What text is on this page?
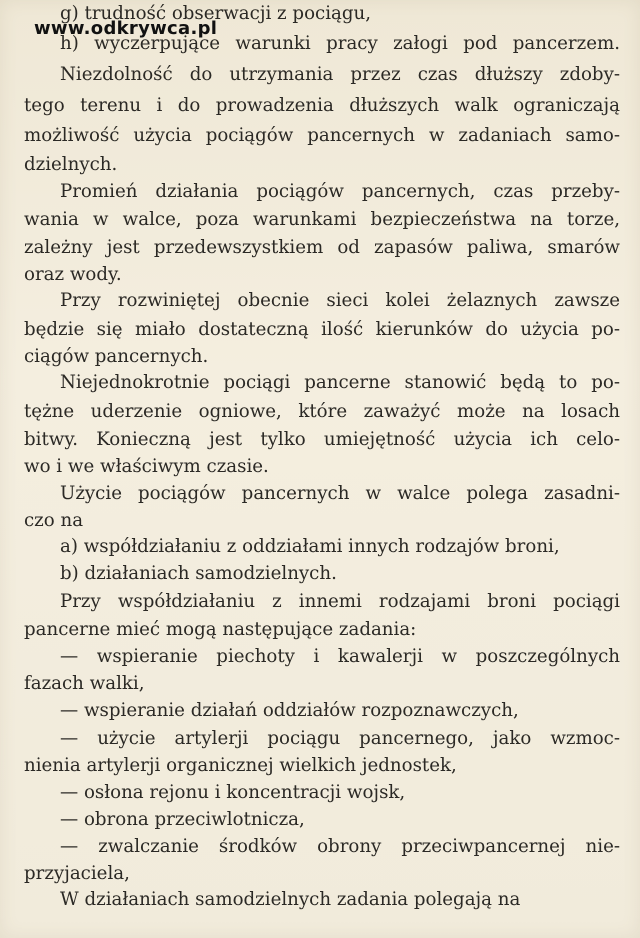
www.odkrywca.pl
g) trudność obserwacji z pociągu,
h) wyczerpujące warunki pracy załogi pod pancerzem.
Niezdolność do utrzymania przez czas dłuższy zdoby-
tego terenu i do prowadzenia dłuższych walk ograniczają
możliwość użycia pociągów pancernych w zadaniach samo-
dzielnych.
Promień działania pociągów pancernych, czas przeby-
wania w walce, poza warunkami bezpieczeństwa na torze,
zależny jest przedewszystkiem od zapasów paliwa, smarów
oraz wody.
Przy rozwiniętej obecnie sieci kolei żelaznych zawsze
będzie się miało dostateczną ilość kierunków do użycia po-
ciągów pancernych.
Niejednokrotnie pociągi pancerne stanowić będą to po-
tężne uderzenie ogniowe, które zaważyć może na losach
bitwy. Konieczną jest tylko umiejętność użycia ich celo-
wo i we właściwym czasie.
Użycie pociągów pancernych w walce polega zasadni-
czo na
a) współdziałaniu z oddziałami innych rodzajów broni,
b) działaniach samodzielnych.
Przy współdziałaniu z innemi rodzajami broni pociągi
pancerne mieć mogą następujące zadania:
— wspieranie piechoty i kawalerji w poszczególnych
fazach walki,
— wspieranie działań oddziałów rozpoznawczych,
— użycie artylerji pociągu pancernego, jako wzmoc-
nienia artylerji organicznej wielkich jednostek,
— osłona rejonu i koncentracji wojsk,
— obrona przeciwlotnicza,
— zwalczanie środków obrony przeciwpancernej nie-
przyjaciela,
W działaniach samodzielnych zadania polegają na
